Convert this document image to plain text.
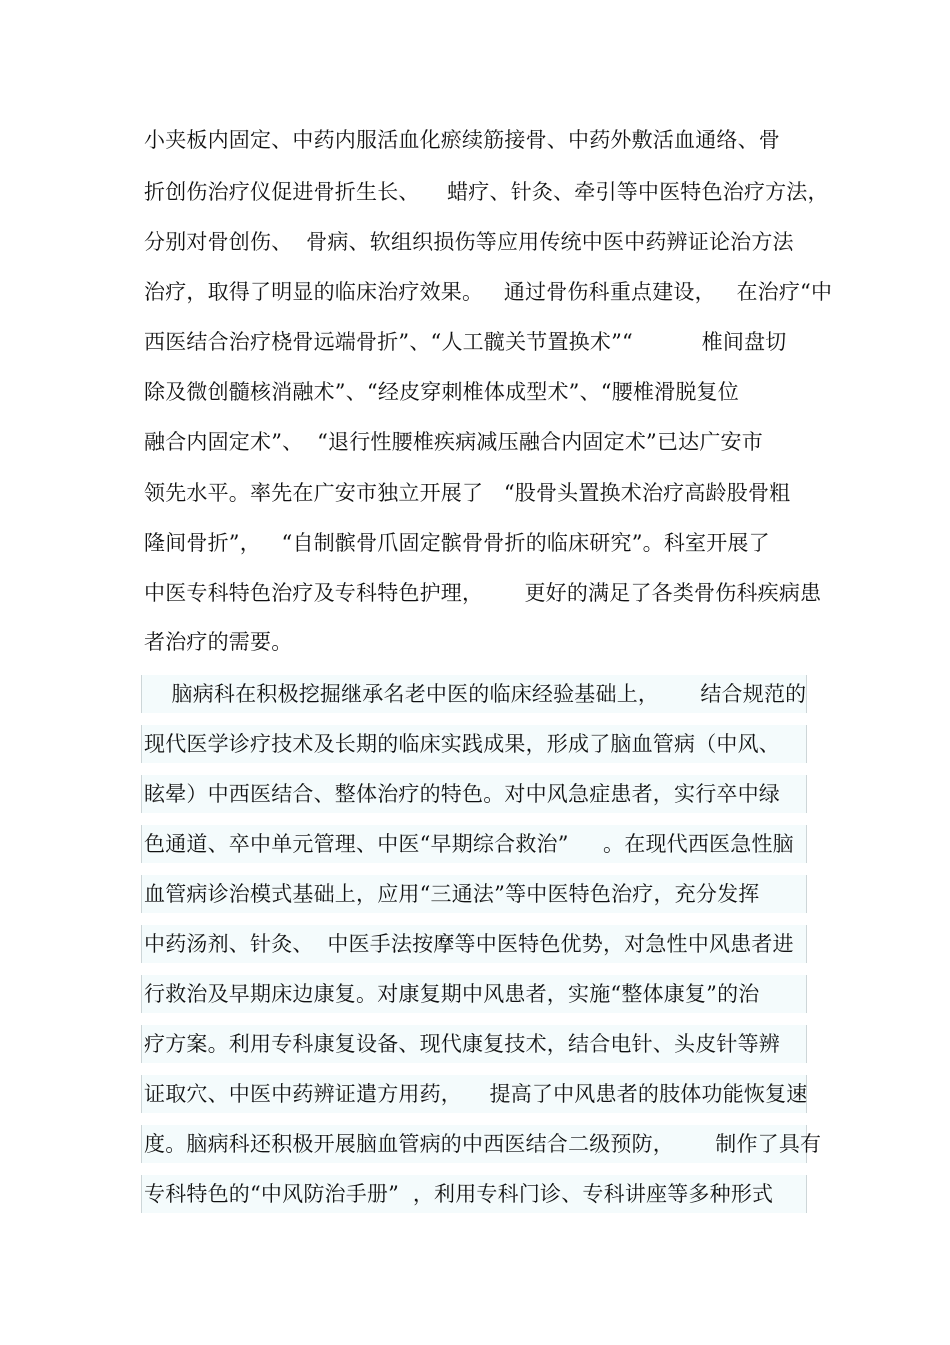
小夹板内固定、中药内服活血化瘀续筋接骨、中药外敷活血通络、骨
折创伤治疗仪促进骨折生长、    蜡疗、针灸、牵引等中医特色治疗方法，
分别对骨创伤、  骨病、软组织损伤等应用传统中医中药辨证论治方法
治疗，取得了明显的临床治疗效果。   通过骨伤科重点建设，   在治疗“中
西医结合治疗桡骨远端骨折”、“人工髋关节置换术”“          椎间盘切
除及微创髓核消融术”、“经皮穿刺椎体成型术”、“腰椎滑脱复位
融合内固定术”、  “退行性腰椎疾病减压融合内固定术”已达广安市
领先水平。率先在广安市独立开展了   “股骨头置换术治疗高龄股骨粗
隆间骨折”，   “自制髌骨爪固定髌骨骨折的临床研究”。科室开展了
中医专科特色治疗及专科特色护理，      更好的满足了各类骨伤科疾病患
者治疗的需要。
脑病科在积极挖掘继承名老中医的临床经验基础上，      结合规范的
现代医学诊疗技术及长期的临床实践成果，形成了脑血管病（中风、
眩晕）中西医结合、整体治疗的特色。对中风急症患者，实行卒中绿
色通道、卒中单元管理、中医“早期综合救治”     。在现代西医急性脑
血管病诊治模式基础上，应用“三通法”等中医特色治疗，充分发挥
中药汤剂、针灸、  中医手法按摩等中医特色优势，对急性中风患者进
行救治及早期床边康复。对康复期中风患者，实施“整体康复”的治
疗方案。利用专科康复设备、现代康复技术，结合电针、头皮针等辨
证取穴、中医中药辨证遣方用药，    提高了中风患者的肢体功能恢复速
度。脑病科还积极开展脑血管病的中西医结合二级预防，      制作了具有
专科特色的“中风防治手册”  ，利用专科门诊、专科讲座等多种形式
